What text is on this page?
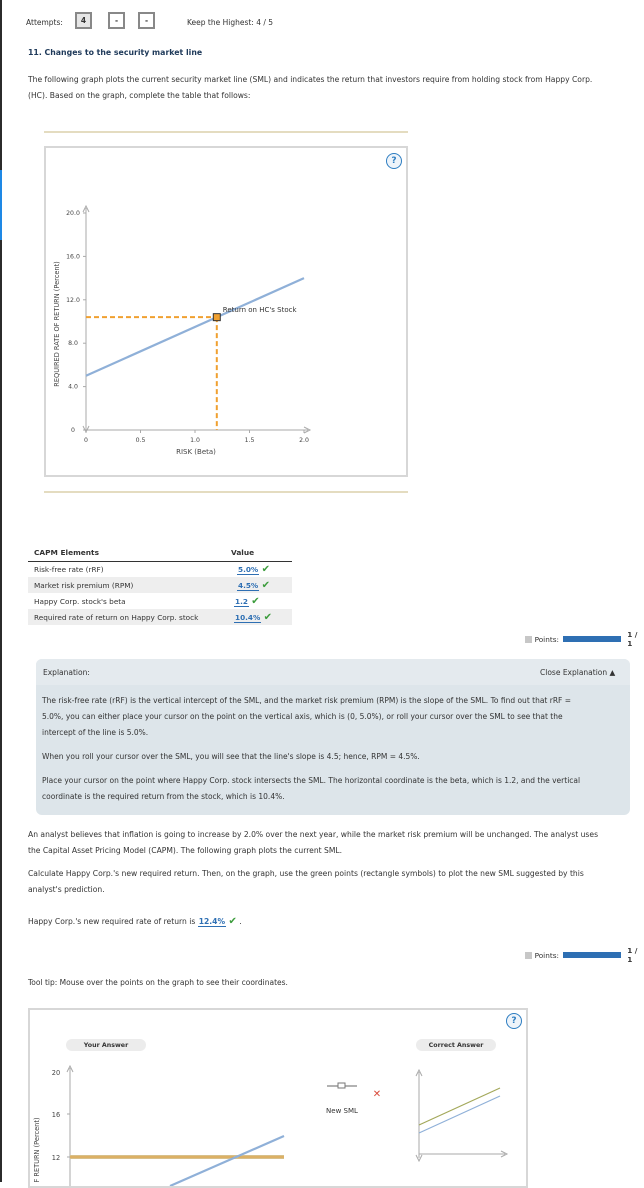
Attempts:	4	-	-	Keep the Highest: 4 / 5
11. Changes to the security market line
The following graph plots the current security market line (SML) and indicates the return that investors require from holding stock from Happy Corp.
(HC). Based on the graph, complete the table that follows:
?
0
4.0
8.0
12.0
16.0
20.0
0	0.5	1.0	1.5	2.0
Return on HC's Stock
RISK (Beta)
REQUIRED RATE OF RETURN (Percent)
CAPM Elements	Value
Risk-free rate (rRF)	5.0% ✔
Market risk premium (RPM)	4.5% ✔
Happy Corp. stock's beta	1.2 ✔
Required rate of return on Happy Corp. stock	10.4% ✔
Points:	1 / 1
Explanation:	Close Explanation ▲
The risk-free rate (rRF) is the vertical intercept of the SML, and the market risk premium (RPM) is the slope of the SML. To find out that rRF =
5.0%, you can either place your cursor on the point on the vertical axis, which is (0, 5.0%), or roll your cursor over the SML to see that the
intercept of the line is 5.0%.
When you roll your cursor over the SML, you will see that the line's slope is 4.5; hence, RPM = 4.5%.
Place your cursor on the point where Happy Corp. stock intersects the SML. The horizontal coordinate is the beta, which is 1.2, and the vertical
coordinate is the required return from the stock, which is 10.4%.
An analyst believes that inflation is going to increase by 2.0% over the next year, while the market risk premium will be unchanged. The analyst uses
the Capital Asset Pricing Model (CAPM). The following graph plots the current SML.
Calculate Happy Corp.'s new required return. Then, on the graph, use the green points (rectangle symbols) to plot the new SML suggested by this
analyst's prediction.
Happy Corp.'s new required rate of return is 12.4% ✔ .
Points:	1 / 1
Tool tip: Mouse over the points on the graph to see their coordinates.
?
Your Answer	Correct Answer
20
16
12
F RETURN (Percent)
New SML
✕
